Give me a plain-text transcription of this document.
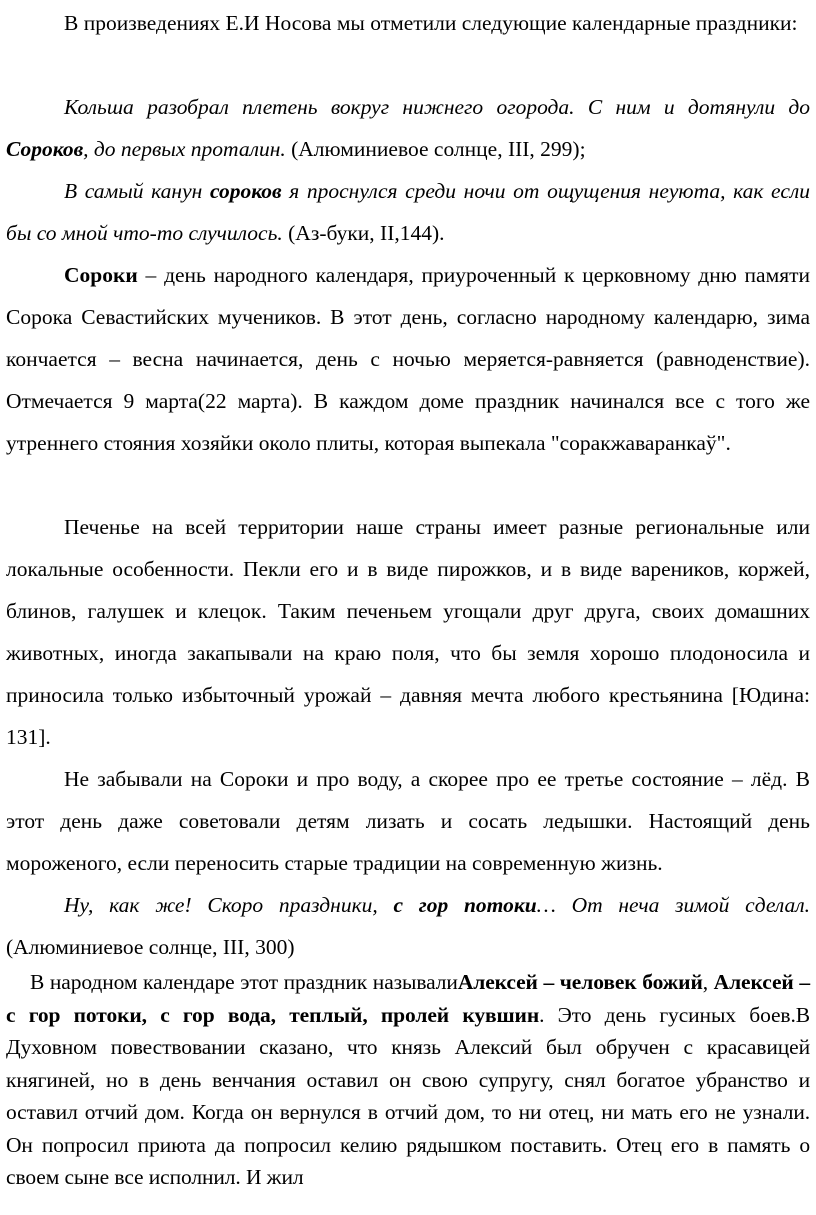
В произведениях Е.И Носова мы отметили следующие календарные праздники:

Кольша разобрал плетень вокруг нижнего огорода. С ним и дотянули до Сороков, до первых проталин. (Алюминиевое солнце, III, 299);

В самый канун сороков я проснулся среди ночи от ощущения неуюта, как если бы со мной что-то случилось. (Аз-буки, II,144).

Сороки – день народного календаря, приуроченный к церковному дню памяти Сорока Севастийских мучеников. В этот день, согласно народному календарю, зима кончается – весна начинается, день с ночью меряется-равняется (равноденствие). Отмечается 9 марта(22 марта). В каждом доме праздник начинался все с того же утреннего стояния хозяйки около плиты, которая выпекала "соракжаваранкаў".

Печенье на всей территории наше страны имеет разные региональные или локальные особенности. Пекли его и в виде пирожков, и в виде вареников, коржей, блинов, галушек и клецок. Таким печеньем угощали друг друга, своих домашних животных, иногда закапывали на краю поля, что бы земля хорошо плодоносила и приносила только избыточный урожай – давняя мечта любого крестьянина [Юдина: 131].

Не забывали на Сороки и про воду, а скорее про ее третье состояние – лёд. В этот день даже советовали детям лизать и сосать ледышки. Настоящий день мороженого, если переносить старые традиции на современную жизнь.

Ну, как же! Скоро праздники, с гор потоки… От неча зимой сделал. (Алюминиевое солнце, III, 300)

В народном календаре этот праздник называлиАлексей – человек божий, Алексей – с гор потоки, с гор вода, теплый, пролей кувшин. Это день гусиных боев.В Духовном повествовании сказано, что князь Алексий был обручен с красавицей княгиней, но в день венчания оставил он свою супругу, снял богатое убранство и оставил отчий дом. Когда он вернулся в отчий дом, то ни отец, ни мать его не узнали. Он попросил приюта да попросил келию рядышком поставить. Отец его в память о своем сыне все исполнил. И жил
